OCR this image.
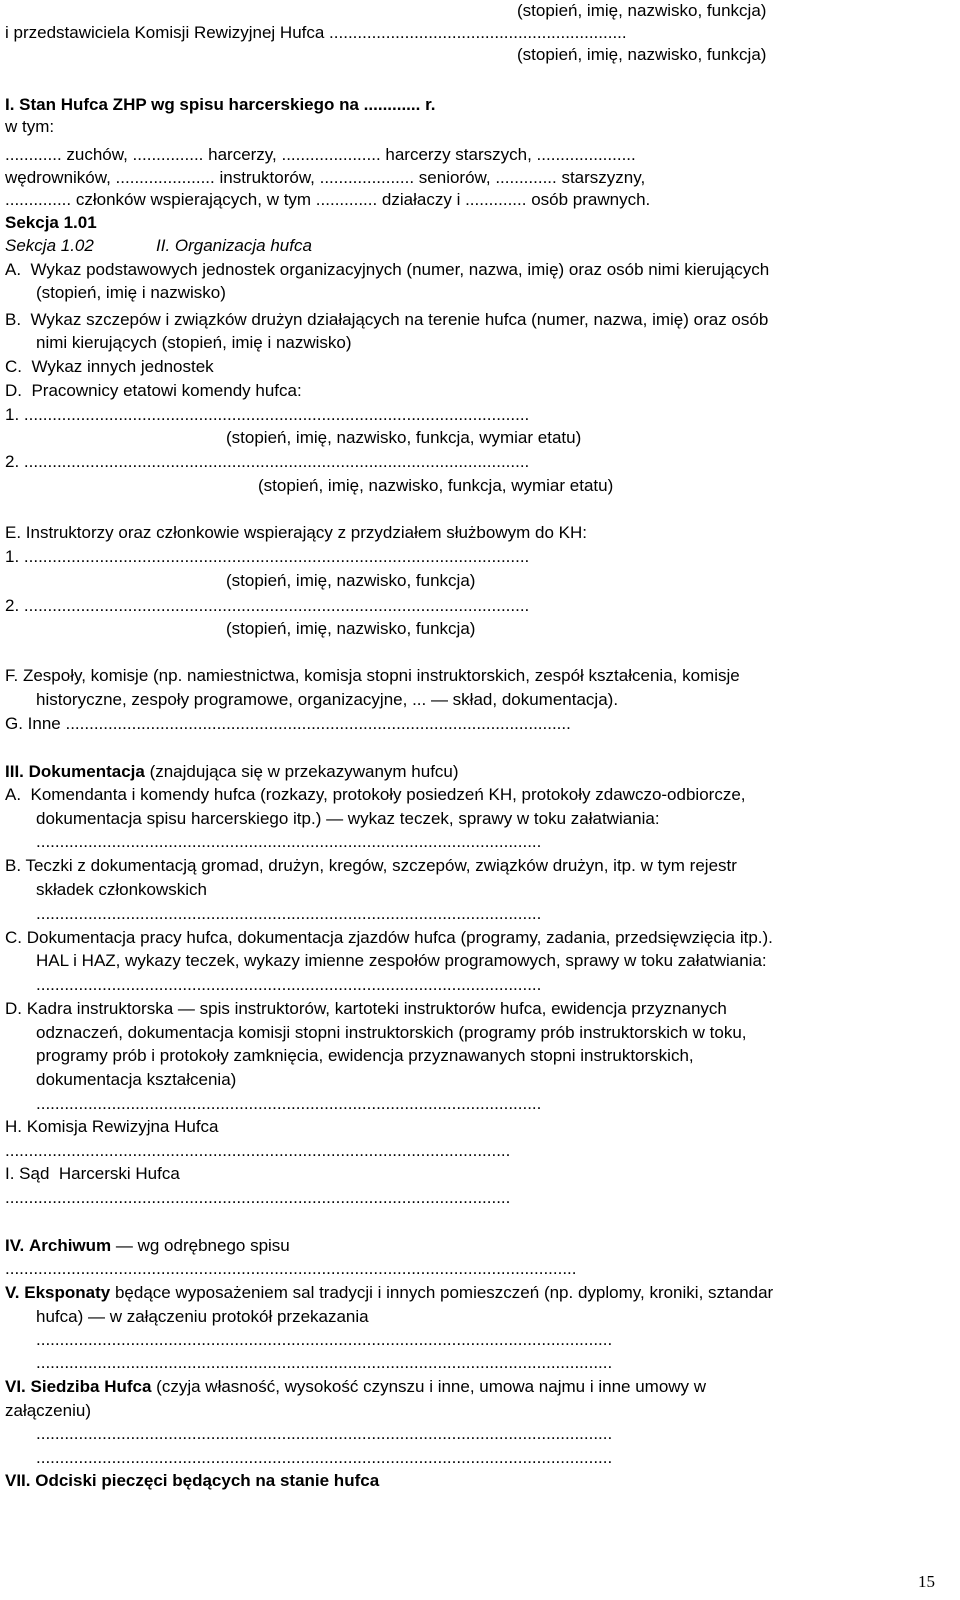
(stopień, imię, nazwisko, funkcja)
i przedstawiciela Komisji Rewizyjnej Hufca ...............................................................
(stopień, imię, nazwisko, funkcja)
I. Stan Hufca ZHP wg spisu harcerskiego na ............ r.
w tym:
............ zuchów, ............... harcerzy, ..................... harcerzy starszych, .....................
wędrowników, ..................... instruktorów, .................... seniorów, ............. starszyzny,
.............. członków wspierających, w tym ............. działaczy i ............. osób prawnych.
Sekcja 1.01
Sekcja 1.02	II. Organizacja hufca
A.  Wykaz podstawowych jednostek organizacyjnych (numer, nazwa, imię) oraz osób nimi kierujących
(stopień, imię i nazwisko)
B.  Wykaz szczepów i związków drużyn działających na terenie hufca (numer, nazwa, imię) oraz osób
nimi kierujących (stopień, imię i nazwisko)
C.  Wykaz innych jednostek
D.  Pracownicy etatowi komendy hufca:
1. ...........................................................................................................
(stopień, imię, nazwisko, funkcja, wymiar etatu)
2. ...........................................................................................................
(stopień, imię, nazwisko, funkcja, wymiar etatu)
E. Instruktorzy oraz członkowie wspierający z przydziałem służbowym do KH:
1. ...........................................................................................................
(stopień, imię, nazwisko, funkcja)
2. ...........................................................................................................
(stopień, imię, nazwisko, funkcja)
F. Zespoły, komisje (np. namiestnictwa, komisja stopni instruktorskich, zespół kształcenia, komisje
historyczne, zespoły programowe, organizacyjne, ... — skład, dokumentacja).
G. Inne ...........................................................................................................
III. Dokumentacja (znajdująca się w przekazywanym hufcu)
A.  Komendanta i komendy hufca (rozkazy, protokoły posiedzeń KH, protokoły zdawczo-odbiorcze,
dokumentacja spisu harcerskiego itp.) — wykaz teczek, sprawy w toku załatwiania:
...........................................................................................................
B. Teczki z dokumentacją gromad, drużyn, kregów, szczepów, związków drużyn, itp. w tym rejestr
składek członkowskich
...........................................................................................................
C. Dokumentacja pracy hufca, dokumentacja zjazdów hufca (programy, zadania, przedsięwzięcia itp.).
HAL i HAZ, wykazy teczek, wykazy imienne zespołów programowych, sprawy w toku załatwiania:
...........................................................................................................
D. Kadra instruktorska — spis instruktorów, kartoteki instruktorów hufca, ewidencja przyznanych
odznaczeń, dokumentacja komisji stopni instruktorskich (programy prób instruktorskich w toku,
programy prób i protokoły zamknięcia, ewidencja przyznawanych stopni instruktorskich,
dokumentacja kształcenia)
...........................................................................................................
H. Komisja Rewizyjna Hufca
...........................................................................................................
I. Sąd  Harcerski Hufca
...........................................................................................................
IV. Archiwum — wg odrębnego spisu
.........................................................................................................................
V. Eksponaty będące wyposażeniem sal tradycji i innych pomieszczeń (np. dyplomy, kroniki, sztandar
hufca) — w załączeniu protokół przekazania
..........................................................................................................................
..........................................................................................................................
VI. Siedziba Hufca (czyja własność, wysokość czynszu i inne, umowa najmu i inne umowy w
załączeniu)
..........................................................................................................................
..........................................................................................................................
VII. Odciski pieczęci będących na stanie hufca
15
